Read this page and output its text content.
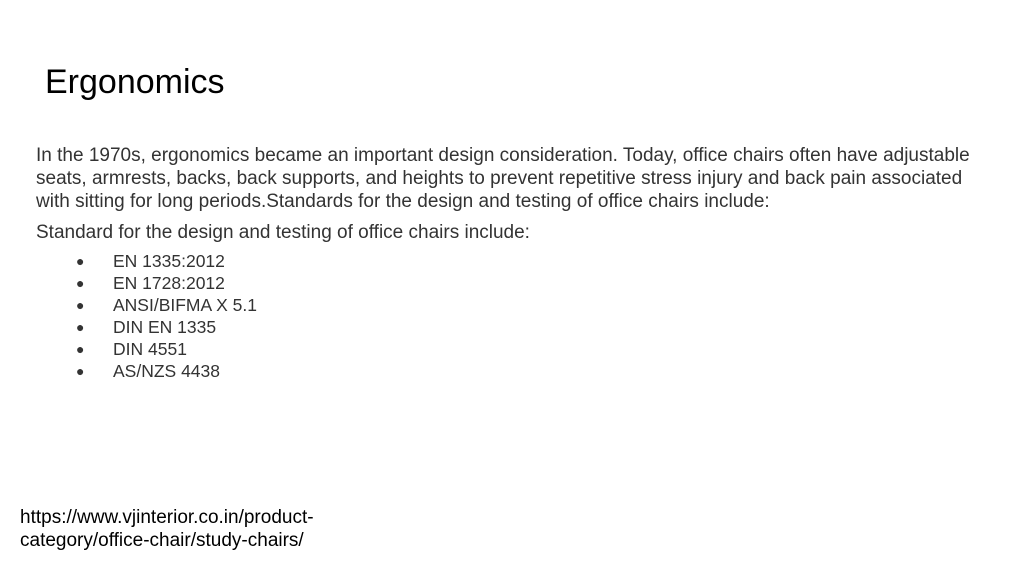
Ergonomics

In the 1970s, ergonomics became an important design consideration. Today, office chairs often have adjustable seats, armrests, backs, back supports, and heights to prevent repetitive stress injury and back pain associated with sitting for long periods.Standards for the design and testing of office chairs include:

Standard for the design and testing of office chairs include:

● EN 1335:2012
● EN 1728:2012
● ANSI/BIFMA X 5.1
● DIN EN 1335
● DIN 4551
● AS/NZS 4438
https://www.vjinterior.co.in/product-
category/office-chair/study-chairs/
